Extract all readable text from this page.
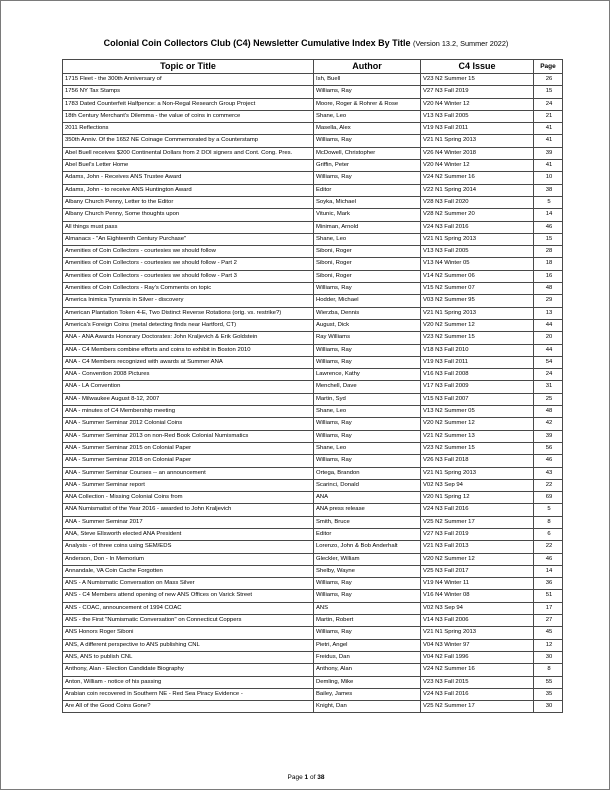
Colonial Coin Collectors Club (C4) Newsletter Cumulative Index By Title (Version 13.2, Summer 2022)
Topic or Title	Author	C4 Issue	Page
1715 Fleet - the 300th Anniversary of	Ish, Buell	V23 N2 Summer 15	26
1756 NY Tax Stamps	Williams, Ray	V27 N3 Fall 2019	15
1783 Dated Counterfeit Halfpence: a Non-Regal Research Group Project	Moore, Roger & Rohrer & Rose	V20 N4 Winter 12	24
18th Century Merchant's Dilemma - the value of coins in commerce	Shane, Leo	V13 N3 Fall 2005	21
2011 Reflections	Masella, Alex	V19 N3 Fall 2011	41
350th Anniv. Of the 1652 NE Coinage Commemorated by a Counterstamp	Williams, Ray	V21 N1 Spring 2013	41
Abel Buell receives $200 Continental Dollars from 2 DOI signers and Cont. Cong. Pres.	McDowell, Christopher	V26 N4 Winter 2018	39
Abel Buel's Letter Home	Griffin, Peter	V20 N4 Winter 12	41
Adams, John - Receives ANS Trustee Award	Williams, Ray	V24 N2 Summer 16	10
Adams, John - to receive ANS Huntington Award	Editor	V22 N1 Spring 2014	38
Albany Church Penny, Letter to the Editor	Soyka, Michael	V28 N3 Fall 2020	5
Albany Church Penny, Some thoughts upon	Vitunic, Mark	V28 N2 Summer 20	14
All things must pass	Miniman, Arnold	V24 N3 Fall 2016	46
Almanacs - "An Eighteenth Century Purchase"	Shane, Leo	V21 N1 Spring 2013	15
Amenities of Coin Collectors - courtesies we should follow	Siboni, Roger	V13 N3 Fall 2005	28
Amenities of Coin Collectors - courtesies we should follow - Part 2	Siboni, Roger	V13 N4 Winter 05	18
Amenities of Coin Collectors - courtesies we should follow - Part 3	Siboni, Roger	V14 N2 Summer 06	16
Amenities of Coin Collectors - Ray's Comments on topic	Williams, Ray	V15 N2 Summer 07	48
America Inimica Tyrannis in Silver - discovery	Hodder, Michael	V03 N2 Summer 95	29
American Plantation Token 4-E, Two Distinct Reverse Rotations (orig. vs. restrike?)	Wierzba, Dennis	V21 N1 Spring 2013	13
America's Foreign Coins (metal detecting finds near Hartford, CT)	August, Dick	V20 N2 Summer 12	44
ANA - ANA Awards Honorary Doctorates: John Kraljevich & Erik Goldstein	Ray Williams	V23 N2 Summer 15	20
ANA - C4 Members combine efforts and coins to exhibit in Boston 2010	Williams, Ray	V18 N3 Fall 2010	44
ANA - C4 Members recognized with awards at Summer ANA	Williams, Ray	V19 N3 Fall 2011	54
ANA - Convention 2008 Pictures	Lawrence, Kathy	V16 N3 Fall 2008	24
ANA - LA Convention	Menchell, Dave	V17 N3 Fall 2009	31
ANA - Milwaukee August 8-12, 2007	Martin, Syd	V15 N3 Fall 2007	25
ANA - minutes of C4 Membership meeting	Shane, Leo	V13 N2 Summer 05	48
ANA - Summer Seminar 2012 Colonial Coins	Williams, Ray	V20 N2 Summer 12	42
ANA - Summer Seminar 2013 on non-Red Book Colonial Numismatics	Williams, Ray	V21 N2 Summer 13	39
ANA - Summer Seminar 2015 on Colonial Paper	Shane, Leo	V23 N2 Summer 15	56
ANA - Summer Seminar 2018 on Colonial Paper	Williams, Ray	V26 N3 Fall 2018	46
ANA - Summer Seminar Courses -- an announcement	Ortega, Brandon	V21 N1 Spring 2013	43
ANA - Summer Seminar report	Scarinci, Donald	V02 N3 Sep 94	22
ANA Collection - Missing Colonial Coins from	ANA	V20 N1 Spring 12	69
ANA Numismatist of the Year 2016 - awarded to John Kraljevich	ANA press release	V24 N3 Fall 2016	5
ANA - Summer Seminar 2017	Smith, Bruce	V25 N2 Summer 17	8
ANA, Steve Ellsworth elected ANA President	Editor	V27 N3 Fall 2019	6
Analysis - of three coins using SEM/EDS	Lorenzo, John & Bob Anderhalt	V21 N3 Fall 2013	22
Anderson, Don - In Memorium	Gleckler, William	V20 N2 Summer 12	46
Annandale, VA Coin Cache Forgotten	Shelby, Wayne	V25 N3 Fall 2017	14
ANS - A Numismatic Conversation on Mass Silver	Williams, Ray	V19 N4 Winter 11	36
ANS - C4 Members attend opening of new ANS Offices on Varick Street	Williams, Ray	V16 N4 Winter 08	51
ANS - COAC, announcement of 1994 COAC	ANS	V02 N3 Sep 94	17
ANS - the First "Numismatic Conversation" on Connecticut Coppers	Martin, Robert	V14 N3 Fall 2006	27
ANS Honors Roger Siboni	Williams, Ray	V21 N1 Spring 2013	45
ANS, A different perspective to ANS publishing CNL	Pietri, Angel	V04 N3 Winter 97	12
ANS, ANS to publish CNL	Freidus, Dan	V04 N2 Fall 1996	30
Anthony, Alan - Election Candidate Biography	Anthony, Alan	V24 N2 Summer 16	8
Anton, William - notice of his passing	Demling, Mike	V23 N3 Fall 2015	55
Arabian coin recovered in Southern NE - Red Sea Piracy Evidence -	Bailey, James	V24 N3 Fall 2016	35
Are All of the Good Coins Gone?	Knight, Dan	V25 N2 Summer 17	30
Page 1 of 38
